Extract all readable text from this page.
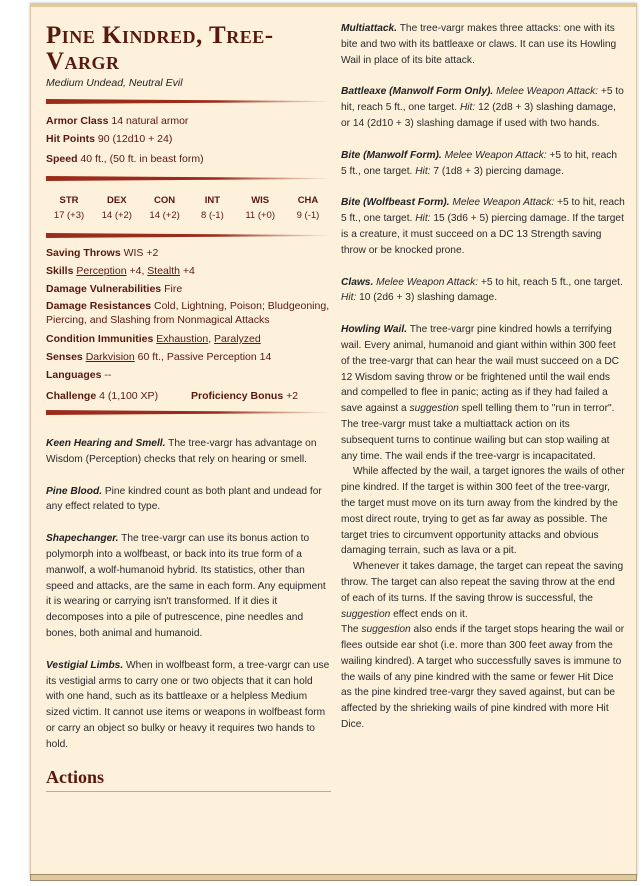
Pine Kindred, Tree-Vargr
Medium Undead, Neutral Evil
Armor Class 14 natural armor
Hit Points 90 (12d10 + 24)
Speed 40 ft., (50 ft. in beast form)
STR
17 (+3)
DEX
14 (+2)
CON
14 (+2)
INT
8 (-1)
WIS
11 (+0)
CHA
9 (-1)
Saving Throws WIS +2
Skills Perception +4, Stealth +4
Damage Vulnerabilities Fire
Damage Resistances Cold, Lightning, Poison; Bludgeoning, Piercing, and Slashing from Nonmagical Attacks
Condition Immunities Exhaustion, Paralyzed
Senses Darkvision 60 ft., Passive Perception 14
Languages --
Challenge 4 (1,100 XP)	Proficiency Bonus +2

Keen Hearing and Smell. The tree-vargr has advantage on Wisdom (Perception) checks that rely on hearing or smell.

Pine Blood. Pine kindred count as both plant and undead for any effect related to type.

Shapechanger. The tree-vargr can use its bonus action to polymorph into a wolfbeast, or back into its true form of a manwolf, a wolf-humanoid hybrid. Its statistics, other than speed and attacks, are the same in each form. Any equipment it is wearing or carrying isn't transformed. If it dies it decomposes into a pile of putrescence, pine needles and bones, both animal and humanoid.

Vestigial Limbs. When in wolfbeast form, a tree-vargr can use its vestigial arms to carry one or two objects that it can hold with one hand, such as its battleaxe or a helpless Medium sized victim. It cannot use items or weapons in wolfbeast form or carry an object so bulky or heavy it requires two hands to hold.

Actions

Multiattack. The tree-vargr makes three attacks: one with its bite and two with its battleaxe or claws. It can use its Howling Wail in place of its bite attack.

Battleaxe (Manwolf Form Only). Melee Weapon Attack: +5 to hit, reach 5 ft., one target. Hit: 12 (2d8 + 3) slashing damage, or 14 (2d10 + 3) slashing damage if used with two hands.

Bite (Manwolf Form). Melee Weapon Attack: +5 to hit, reach 5 ft., one target. Hit: 7 (1d8 + 3) piercing damage.

Bite (Wolfbeast Form). Melee Weapon Attack: +5 to hit, reach 5 ft., one target. Hit: 15 (3d6 + 5) piercing damage. If the target is a creature, it must succeed on a DC 13 Strength saving throw or be knocked prone.

Claws. Melee Weapon Attack: +5 to hit, reach 5 ft., one target. Hit: 10 (2d6 + 3) slashing damage.

Howling Wail. The tree-vargr pine kindred howls a terrifying wail. Every animal, humanoid and giant within within 300 feet of the tree-vargr that can hear the wail must succeed on a DC 12 Wisdom saving throw or be frightened until the wail ends and compelled to flee in panic; acting as if they had failed a save against a suggestion spell telling them to "run in terror". The tree-vargr must take a multiattack action on its subsequent turns to continue wailing but can stop wailing at any time. The wail ends if the tree-vargr is incapacitated.

While affected by the wail, a target ignores the wails of other pine kindred. If the target is within 300 feet of the tree-vargr, the target must move on its turn away from the kindred by the most direct route, trying to get as far away as possible. The target tries to circumvent opportunity attacks and obvious damaging terrain, such as lava or a pit.

Whenever it takes damage, the target can repeat the saving throw. The target can also repeat the saving throw at the end of each of its turns. If the saving throw is successful, the suggestion effect ends on it.

The suggestion also ends if the target stops hearing the wail or flees outside ear shot (i.e. more than 300 feet away from the wailing kindred). A target who successfully saves is immune to the wails of any pine kindred with the same or fewer Hit Dice as the pine kindred tree-vargr they saved against, but can be affected by the shrieking wails of pine kindred with more Hit Dice.
